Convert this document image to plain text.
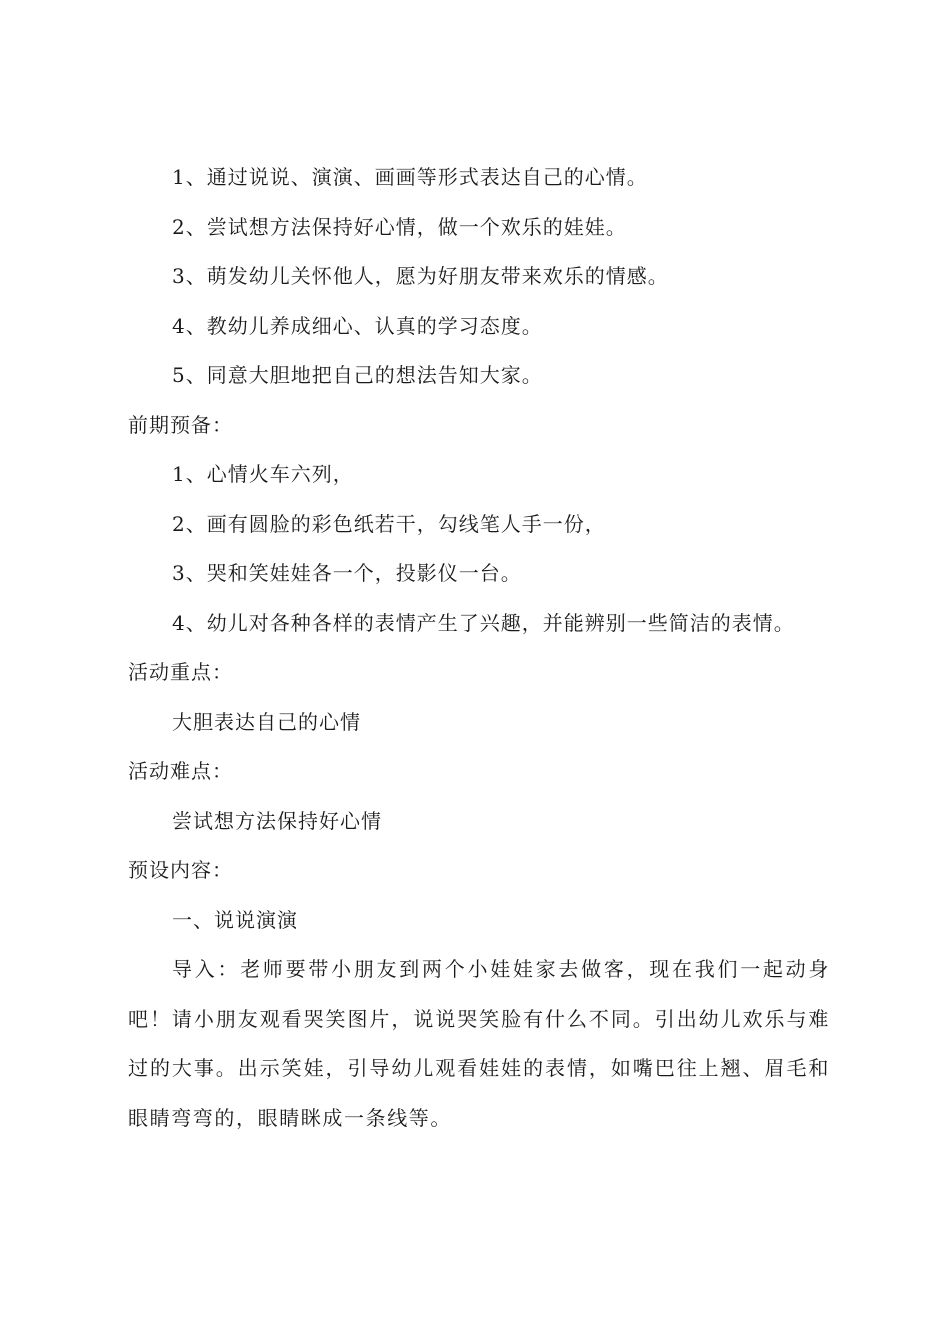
1、通过说说、演演、画画等形式表达自己的心情。
2、尝试想方法保持好心情，做一个欢乐的娃娃。
3、萌发幼儿关怀他人，愿为好朋友带来欢乐的情感。
4、教幼儿养成细心、认真的学习态度。
5、同意大胆地把自己的想法告知大家。
前期预备：
1、心情火车六列，
2、画有圆脸的彩色纸若干，勾线笔人手一份，
3、哭和笑娃娃各一个，投影仪一台。
4、幼儿对各种各样的表情产生了兴趣，并能辨别一些简洁的表情。
活动重点：
大胆表达自己的心情
活动难点：
尝试想方法保持好心情
预设内容：
一、说说演演
导入：老师要带小朋友到两个小娃娃家去做客，现在我们一起动身吧！请小朋友观看哭笑图片，说说哭笑脸有什么不同。引出幼儿欢乐与难过的大事。出示笑娃，引导幼儿观看娃娃的表情，如嘴巴往上翘、眉毛和眼睛弯弯的，眼睛眯成一条线等。
